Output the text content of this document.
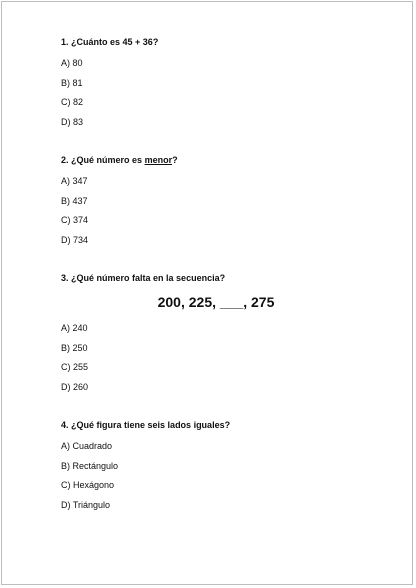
1. ¿Cuánto es 45 + 36?

A) 80

B) 81

C) 82

D) 83

2. ¿Qué número es menor?

A) 347

B) 437

C) 374

D) 734

3. ¿Qué número falta en la secuencia?

200, 225, ___, 275

A) 240

B) 250

C) 255

D) 260

4. ¿Qué figura tiene seis lados iguales?

A) Cuadrado

B) Rectángulo

C) Hexágono

D) Triángulo
